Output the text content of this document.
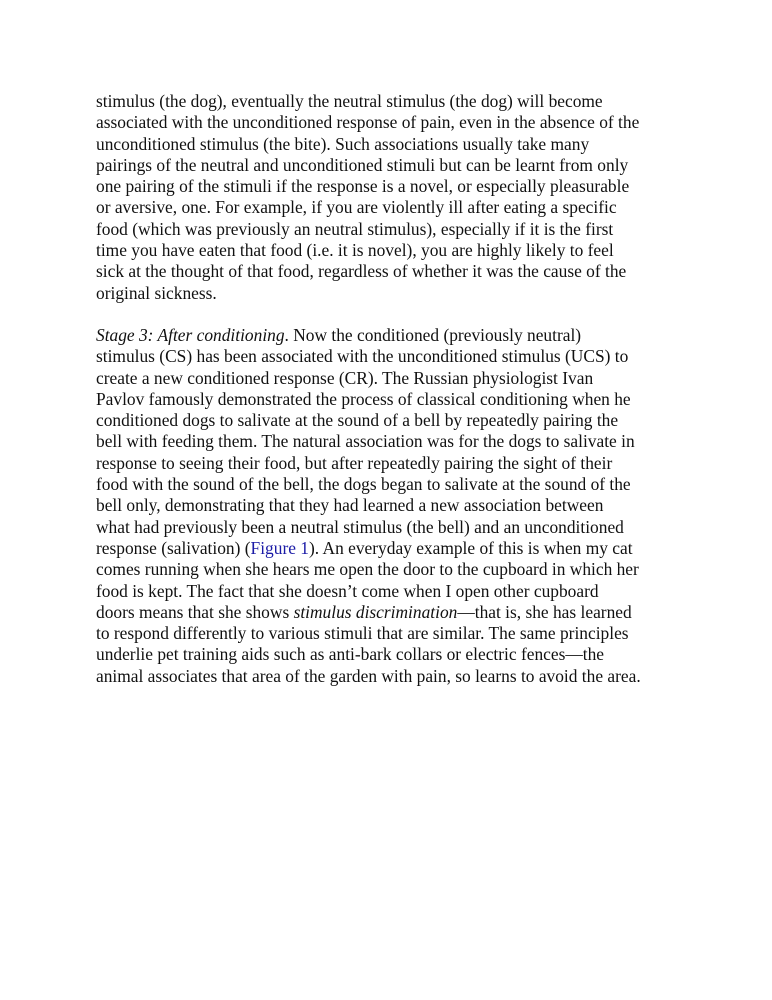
stimulus (the dog), eventually the neutral stimulus (the dog) will become
associated with the unconditioned response of pain, even in the absence of the
unconditioned stimulus (the bite). Such associations usually take many
pairings of the neutral and unconditioned stimuli but can be learnt from only
one pairing of the stimuli if the response is a novel, or especially pleasurable
or aversive, one. For example, if you are violently ill after eating a specific
food (which was previously an neutral stimulus), especially if it is the first
time you have eaten that food (i.e. it is novel), you are highly likely to feel
sick at the thought of that food, regardless of whether it was the cause of the
original sickness.

Stage 3: After conditioning. Now the conditioned (previously neutral)
stimulus (CS) has been associated with the unconditioned stimulus (UCS) to
create a new conditioned response (CR). The Russian physiologist Ivan
Pavlov famously demonstrated the process of classical conditioning when he
conditioned dogs to salivate at the sound of a bell by repeatedly pairing the
bell with feeding them. The natural association was for the dogs to salivate in
response to seeing their food, but after repeatedly pairing the sight of their
food with the sound of the bell, the dogs began to salivate at the sound of the
bell only, demonstrating that they had learned a new association between
what had previously been a neutral stimulus (the bell) and an unconditioned
response (salivation) (Figure 1). An everyday example of this is when my cat
comes running when she hears me open the door to the cupboard in which her
food is kept. The fact that she doesn’t come when I open other cupboard
doors means that she shows stimulus discrimination—that is, she has learned
to respond differently to various stimuli that are similar. The same principles
underlie pet training aids such as anti-bark collars or electric fences—the
animal associates that area of the garden with pain, so learns to avoid the area.
